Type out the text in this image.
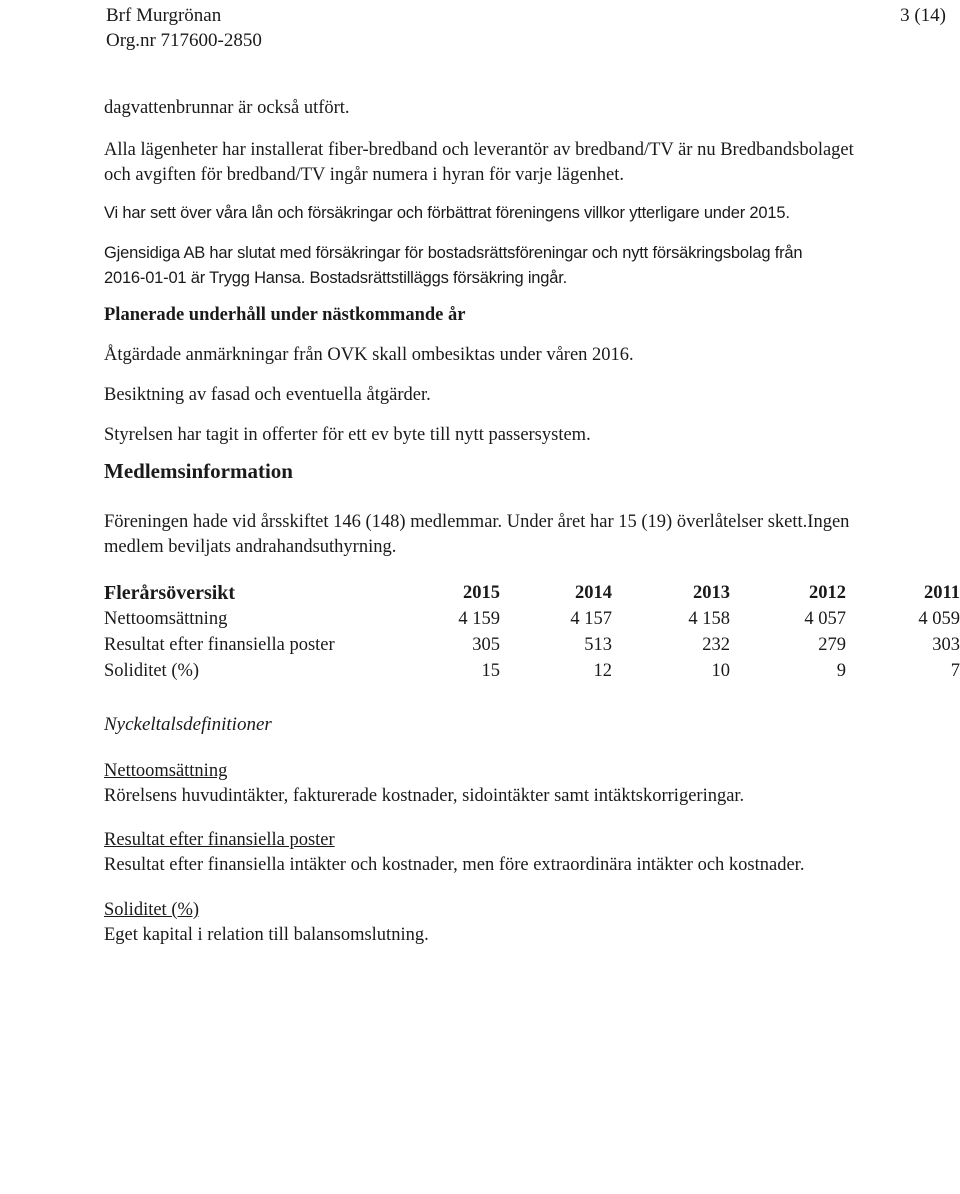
Brf Murgrönan
Org.nr 717600-2850
3 (14)
dagvattenbrunnar är också utfört.
Alla lägenheter har installerat fiber-bredband och leverantör av bredband/TV är nu Bredbandsbolaget
och avgiften för bredband/TV ingår numera i hyran för varje lägenhet.
Vi har sett över våra lån och försäkringar och förbättrat föreningens villkor ytterligare under 2015.
Gjensidiga AB har slutat med försäkringar för bostadsrättsföreningar och nytt försäkringsbolag från
2016-01-01 är Trygg Hansa. Bostadsrättstilläggs försäkring ingår.
Planerade underhåll under nästkommande år
Åtgärdade anmärkningar från OVK skall ombesiktas under våren 2016.
Besiktning av fasad och eventuella åtgärder.
Styrelsen har tagit in offerter för ett ev byte till nytt passersystem.
Medlemsinformation
Föreningen hade vid årsskiftet 146 (148) medlemmar. Under året har 15 (19) överlåtelser skett.Ingen
medlem beviljats andrahandsuthyrning.
Flerårsöversikt	2015	2014	2013	2012	2011
Nettoomsättning	4 159	4 157	4 158	4 057	4 059
Resultat efter finansiella poster	305	513	232	279	303
Soliditet (%)	15	12	10	9	7
Nyckeltalsdefinitioner
Nettoomsättning
Rörelsens huvudintäkter, fakturerade kostnader, sidointäkter samt intäktskorrigeringar.
Resultat efter finansiella poster
Resultat efter finansiella intäkter och kostnader, men före extraordinära intäkter och kostnader.
Soliditet (%)
Eget kapital i relation till balansomslutning.
